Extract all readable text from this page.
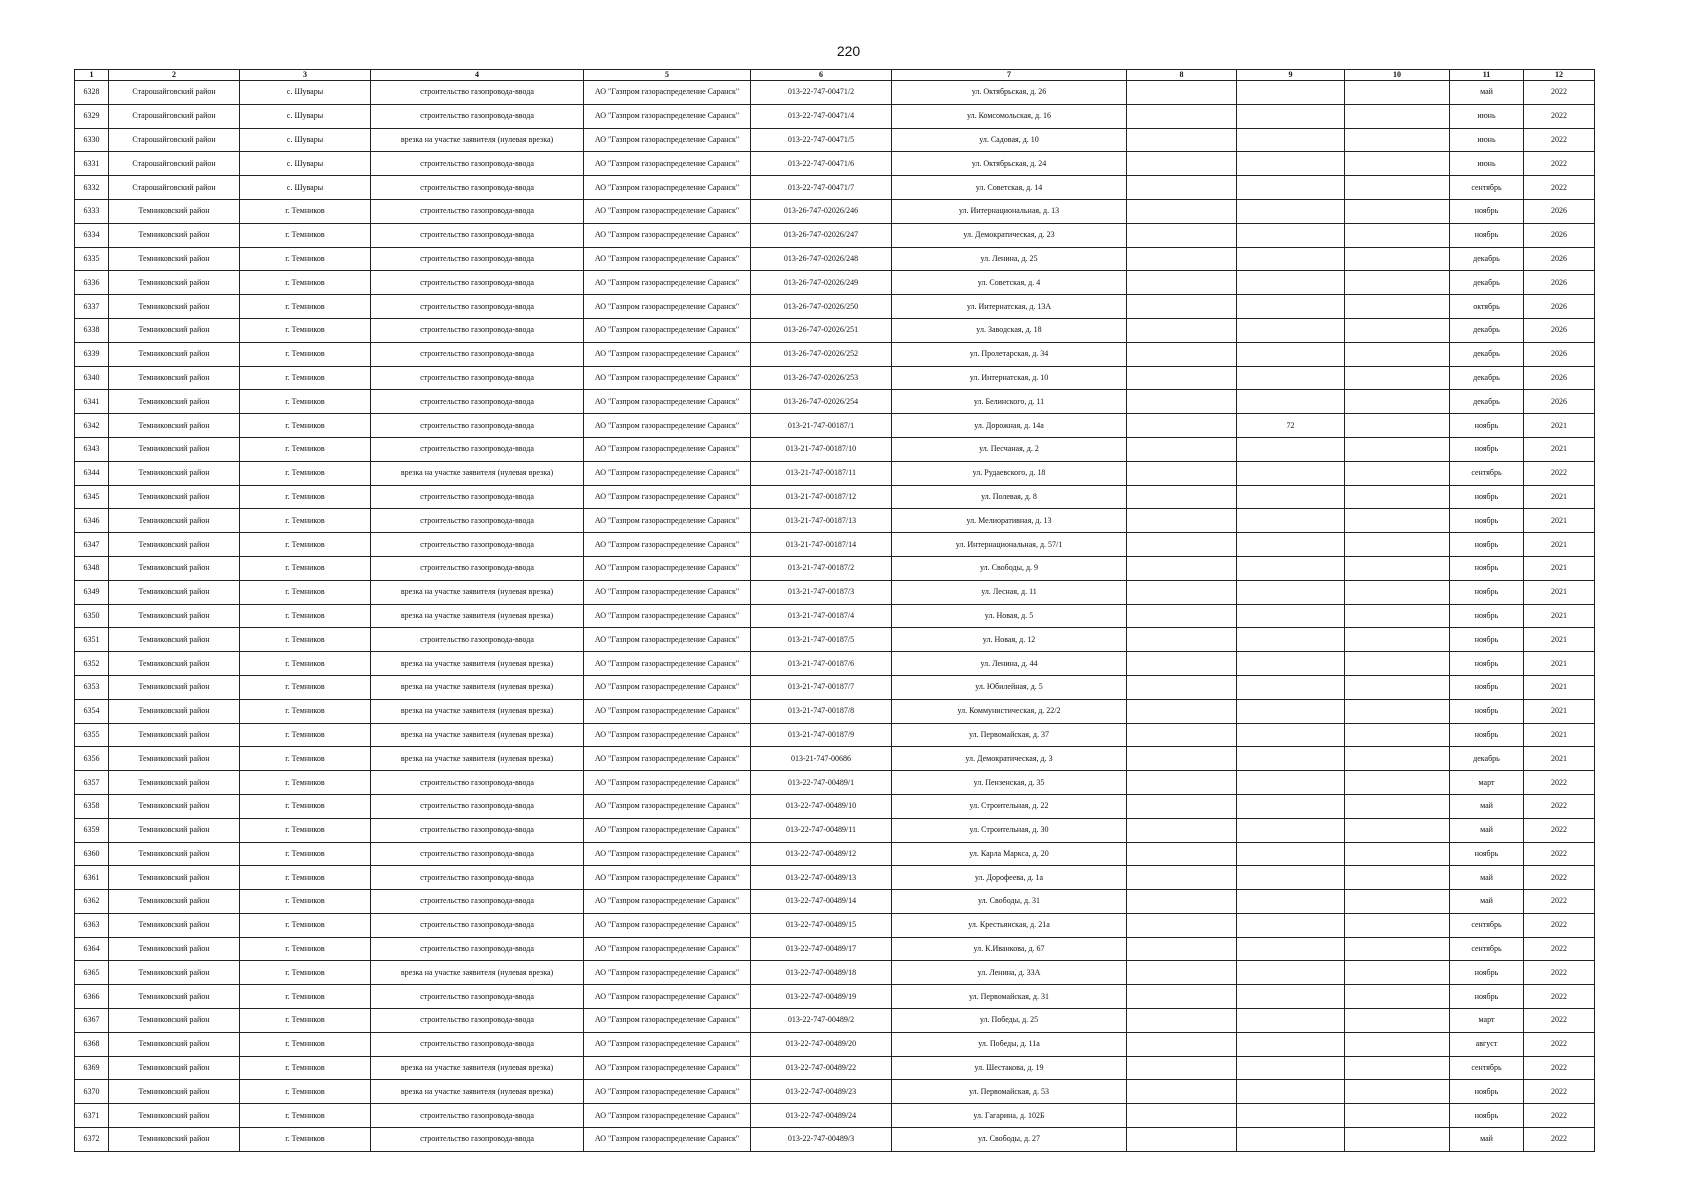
220
1	2	3	4	5	6	7	8	9	10	11	12
6328	Старошайговский район	с. Шувары	строительство газопровода-ввода	АО "Газпром газораспределение Саранск"	013-22-747-00471/2	ул. Октябрьская, д. 26				май	2022
6329	Старошайговский район	с. Шувары	строительство газопровода-ввода	АО "Газпром газораспределение Саранск"	013-22-747-00471/4	ул. Комсомольская, д. 16				июнь	2022
6330	Старошайговский район	с. Шувары	врезка на участке заявителя (нулевая врезка)	АО "Газпром газораспределение Саранск"	013-22-747-00471/5	ул. Садовая, д. 10				июнь	2022
6331	Старошайговский район	с. Шувары	строительство газопровода-ввода	АО "Газпром газораспределение Саранск"	013-22-747-00471/6	ул. Октябрьская, д. 24				июнь	2022
6332	Старошайговский район	с. Шувары	строительство газопровода-ввода	АО "Газпром газораспределение Саранск"	013-22-747-00471/7	ул. Советская, д. 14				сентябрь	2022
6333	Темниковский район	г. Темников	строительство газопровода-ввода	АО "Газпром газораспределение Саранск"	013-26-747-02026/246	ул. Интернациональная, д. 13				ноябрь	2026
6334	Темниковский район	г. Темников	строительство газопровода-ввода	АО "Газпром газораспределение Саранск"	013-26-747-02026/247	ул. Демократическая, д. 23				ноябрь	2026
6335	Темниковский район	г. Темников	строительство газопровода-ввода	АО "Газпром газораспределение Саранск"	013-26-747-02026/248	ул. Ленина, д. 25				декабрь	2026
6336	Темниковский район	г. Темников	строительство газопровода-ввода	АО "Газпром газораспределение Саранск"	013-26-747-02026/249	ул. Советская, д. 4				декабрь	2026
6337	Темниковский район	г. Темников	строительство газопровода-ввода	АО "Газпром газораспределение Саранск"	013-26-747-02026/250	ул. Интернатская, д. 13А				октябрь	2026
6338	Темниковский район	г. Темников	строительство газопровода-ввода	АО "Газпром газораспределение Саранск"	013-26-747-02026/251	ул. Заводская, д. 18				декабрь	2026
6339	Темниковский район	г. Темников	строительство газопровода-ввода	АО "Газпром газораспределение Саранск"	013-26-747-02026/252	ул. Пролетарская, д. 34				декабрь	2026
6340	Темниковский район	г. Темников	строительство газопровода-ввода	АО "Газпром газораспределение Саранск"	013-26-747-02026/253	ул. Интернатская, д. 10				декабрь	2026
6341	Темниковский район	г. Темников	строительство газопровода-ввода	АО "Газпром газораспределение Саранск"	013-26-747-02026/254	ул. Белинского, д. 11				декабрь	2026
6342	Темниковский район	г. Темников	строительство газопровода-ввода	АО "Газпром газораспределение Саранск"	013-21-747-00187/1	ул. Дорожная, д. 14а		72		ноябрь	2021
6343	Темниковский район	г. Темников	строительство газопровода-ввода	АО "Газпром газораспределение Саранск"	013-21-747-00187/10	ул. Песчаная, д. 2				ноябрь	2021
6344	Темниковский район	г. Темников	врезка на участке заявителя (нулевая врезка)	АО "Газпром газораспределение Саранск"	013-21-747-00187/11	ул. Рудаевского, д. 18				сентябрь	2022
6345	Темниковский район	г. Темников	строительство газопровода-ввода	АО "Газпром газораспределение Саранск"	013-21-747-00187/12	ул. Полевая, д. 8				ноябрь	2021
6346	Темниковский район	г. Темников	строительство газопровода-ввода	АО "Газпром газораспределение Саранск"	013-21-747-00187/13	ул. Мелиоративная, д. 13				ноябрь	2021
6347	Темниковский район	г. Темников	строительство газопровода-ввода	АО "Газпром газораспределение Саранск"	013-21-747-00187/14	ул. Интернациональная, д. 57/1				ноябрь	2021
6348	Темниковский район	г. Темников	строительство газопровода-ввода	АО "Газпром газораспределение Саранск"	013-21-747-00187/2	ул. Свободы, д. 9				ноябрь	2021
6349	Темниковский район	г. Темников	врезка на участке заявителя (нулевая врезка)	АО "Газпром газораспределение Саранск"	013-21-747-00187/3	ул. Лесная, д. 11				ноябрь	2021
6350	Темниковский район	г. Темников	врезка на участке заявителя (нулевая врезка)	АО "Газпром газораспределение Саранск"	013-21-747-00187/4	ул. Новая, д. 5				ноябрь	2021
6351	Темниковский район	г. Темников	строительство газопровода-ввода	АО "Газпром газораспределение Саранск"	013-21-747-00187/5	ул. Новая, д. 12				ноябрь	2021
6352	Темниковский район	г. Темников	врезка на участке заявителя (нулевая врезка)	АО "Газпром газораспределение Саранск"	013-21-747-00187/6	ул. Ленина, д. 44				ноябрь	2021
6353	Темниковский район	г. Темников	врезка на участке заявителя (нулевая врезка)	АО "Газпром газораспределение Саранск"	013-21-747-00187/7	ул. Юбилейная, д. 5				ноябрь	2021
6354	Темниковский район	г. Темников	врезка на участке заявителя (нулевая врезка)	АО "Газпром газораспределение Саранск"	013-21-747-00187/8	ул. Коммунистическая, д. 22/2				ноябрь	2021
6355	Темниковский район	г. Темников	врезка на участке заявителя (нулевая врезка)	АО "Газпром газораспределение Саранск"	013-21-747-00187/9	ул. Первомайская, д. 37				ноябрь	2021
6356	Темниковский район	г. Темников	врезка на участке заявителя (нулевая врезка)	АО "Газпром газораспределение Саранск"	013-21-747-00686	ул. Демократическая, д. 3				декабрь	2021
6357	Темниковский район	г. Темников	строительство газопровода-ввода	АО "Газпром газораспределение Саранск"	013-22-747-00489/1	ул. Пензенская, д. 35				март	2022
6358	Темниковский район	г. Темников	строительство газопровода-ввода	АО "Газпром газораспределение Саранск"	013-22-747-00489/10	ул. Строительная, д. 22				май	2022
6359	Темниковский район	г. Темников	строительство газопровода-ввода	АО "Газпром газораспределение Саранск"	013-22-747-00489/11	ул. Строительная, д. 30				май	2022
6360	Темниковский район	г. Темников	строительство газопровода-ввода	АО "Газпром газораспределение Саранск"	013-22-747-00489/12	ул. Карла Маркса, д. 20				ноябрь	2022
6361	Темниковский район	г. Темников	строительство газопровода-ввода	АО "Газпром газораспределение Саранск"	013-22-747-00489/13	ул. Дорофеева, д. 1а				май	2022
6362	Темниковский район	г. Темников	строительство газопровода-ввода	АО "Газпром газораспределение Саранск"	013-22-747-00489/14	ул. Свободы, д. 31				май	2022
6363	Темниковский район	г. Темников	строительство газопровода-ввода	АО "Газпром газораспределение Саранск"	013-22-747-00489/15	ул. Крестьянская, д. 21а				сентябрь	2022
6364	Темниковский район	г. Темников	строительство газопровода-ввода	АО "Газпром газораспределение Саранск"	013-22-747-00489/17	ул. К.Иванкова, д. 67				сентябрь	2022
6365	Темниковский район	г. Темников	врезка на участке заявителя (нулевая врезка)	АО "Газпром газораспределение Саранск"	013-22-747-00489/18	ул. Ленина, д. 33А				ноябрь	2022
6366	Темниковский район	г. Темников	строительство газопровода-ввода	АО "Газпром газораспределение Саранск"	013-22-747-00489/19	ул. Первомайская, д. 31				ноябрь	2022
6367	Темниковский район	г. Темников	строительство газопровода-ввода	АО "Газпром газораспределение Саранск"	013-22-747-00489/2	ул. Победы, д. 25				март	2022
6368	Темниковский район	г. Темников	строительство газопровода-ввода	АО "Газпром газораспределение Саранск"	013-22-747-00489/20	ул. Победы, д. 11а				август	2022
6369	Темниковский район	г. Темников	врезка на участке заявителя (нулевая врезка)	АО "Газпром газораспределение Саранск"	013-22-747-00489/22	ул. Шестакова, д. 19				сентябрь	2022
6370	Темниковский район	г. Темников	врезка на участке заявителя (нулевая врезка)	АО "Газпром газораспределение Саранск"	013-22-747-00489/23	ул. Первомайская, д. 53				ноябрь	2022
6371	Темниковский район	г. Темников	строительство газопровода-ввода	АО "Газпром газораспределение Саранск"	013-22-747-00489/24	ул. Гагарина, д. 102Б				ноябрь	2022
6372	Темниковский район	г. Темников	строительство газопровода-ввода	АО "Газпром газораспределение Саранск"	013-22-747-00489/3	ул. Свободы, д. 27				май	2022
